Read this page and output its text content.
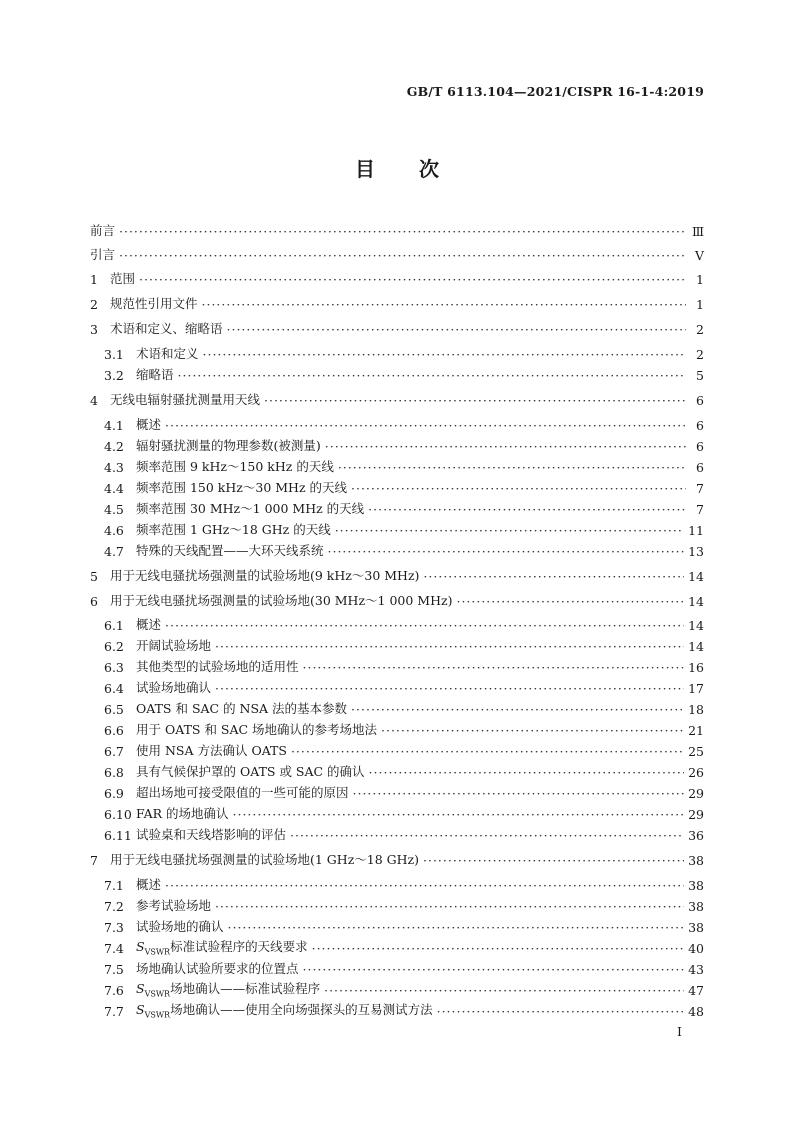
GB/T 6113.104—2021/CISPR 16-1-4:2019
目次
前言 ·····	Ⅲ
引言 ·····	Ⅴ
1 范围 ·····	1
2 规范性引用文件 ·····	1
3 术语和定义、缩略语 ·····	2
3.1 术语和定义 ·····	2
3.2 缩略语 ·····	5
4 无线电辐射骚扰测量用天线 ·····	6
4.1 概述 ·····	6
4.2 辐射骚扰测量的物理参数(被测量) ·····	6
4.3 频率范围 9 kHz～150 kHz 的天线 ·····	6
4.4 频率范围 150 kHz～30 MHz 的天线 ·····	7
4.5 频率范围 30 MHz～1 000 MHz 的天线 ·····	7
4.6 频率范围 1 GHz～18 GHz 的天线 ·····	11
4.7 特殊的天线配置——大环天线系统 ·····	13
5 用于无线电骚扰场强测量的试验场地(9 kHz～30 MHz) ·····	14
6 用于无线电骚扰场强测量的试验场地(30 MHz～1 000 MHz) ·····	14
6.1 概述 ·····	14
6.2 开阔试验场地 ·····	14
6.3 其他类型的试验场地的适用性 ·····	16
6.4 试验场地确认 ·····	17
6.5 OATS 和 SAC 的 NSA 法的基本参数 ·····	18
6.6 用于 OATS 和 SAC 场地确认的参考场地法 ·····	21
6.7 使用 NSA 方法确认 OATS ·····	25
6.8 具有气候保护罩的 OATS 或 SAC 的确认 ·····	26
6.9 超出场地可接受限值的一些可能的原因 ·····	29
6.10 FAR 的场地确认 ·····	29
6.11 试验桌和天线塔影响的评估 ·····	36
7 用于无线电骚扰场强测量的试验场地(1 GHz～18 GHz) ·····	38
7.1 概述 ·····	38
7.2 参考试验场地 ·····	38
7.3 试验场地的确认 ·····	38
7.4 $S_{VSWR}$标准试验程序的天线要求 ·····	40
7.5 场地确认试验所要求的位置点 ·····	43
7.6 $S_{VSWR}$场地确认——标准试验程序 ·····	47
7.7 $S_{VSWR}$场地确认——使用全向场强探头的互易测试方法 ·····	48
I
